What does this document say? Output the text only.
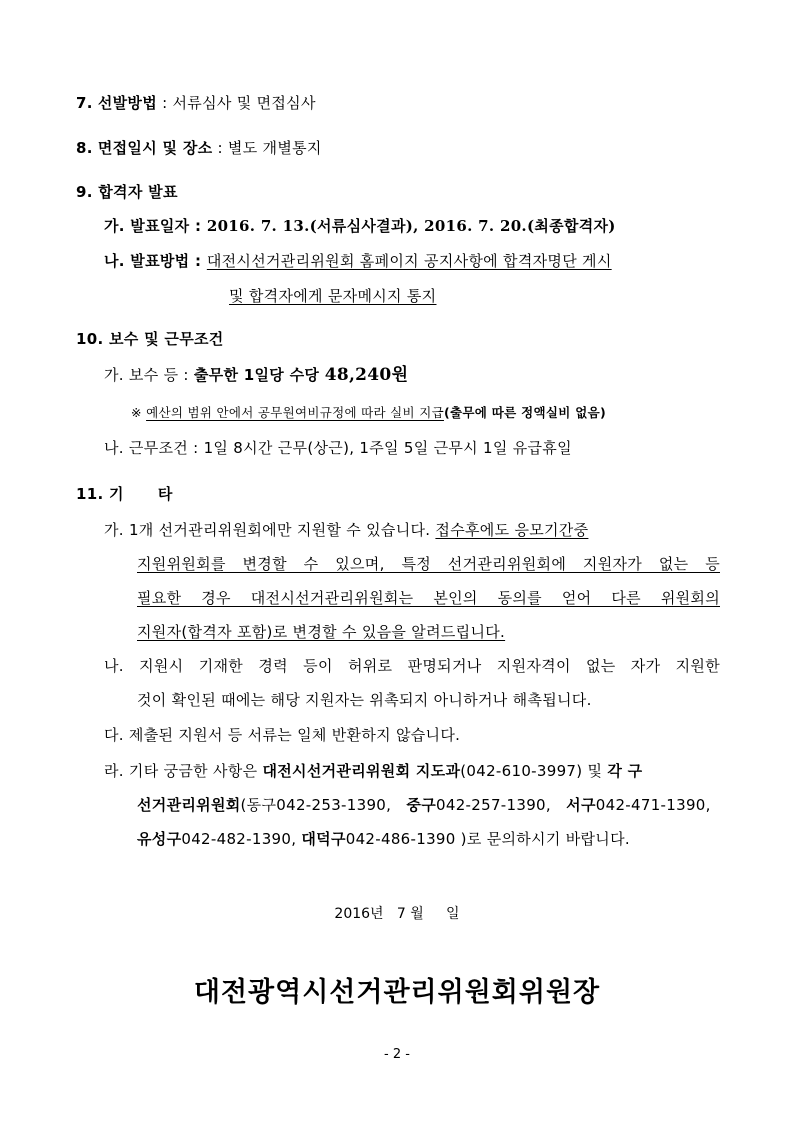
7. 선발방법 : 서류심사 및 면접심사
8. 면접일시 및 장소 : 별도 개별통지
9. 합격자 발표
가. 발표일자 : 2016. 7. 13.(서류심사결과), 2016. 7. 20.(최종합격자)
나. 발표방법 : 대전시선거관리위원회 홈페이지 공지사항에 합격자명단 게시
및 합격자에게 문자메시지 통지
10. 보수 및 근무조건
가. 보수 등 : 출무한 1일당 수당 48,240원
※ 예산의 범위 안에서 공무원여비규정에 따라 실비 지급(출무에 따른 정액실비 없음)
나. 근무조건 : 1일 8시간 근무(상근), 1주일 5일 근무시 1일 유급휴일
11. 기 타
가. 1개 선거관리위원회에만 지원할 수 있습니다. 접수후에도 응모기간중
지원위원회를 변경할 수 있으며, 특정 선거관리위원회에 지원자가 없는 등
필요한 경우 대전시선거관리위원회는 본인의 동의를 얻어 다른 위원회의
지원자(합격자 포함)로 변경할 수 있음을 알려드립니다.
나. 지원시 기재한 경력 등이 허위로 판명되거나 지원자격이 없는 자가 지원한
것이 확인된 때에는 해당 지원자는 위촉되지 아니하거나 해촉됩니다.
다. 제출된 지원서 등 서류는 일체 반환하지 않습니다.
라. 기타 궁금한 사항은 대전시선거관리위원회 지도과(042-610-3997) 및 각 구
선거관리위원회(동구042-253-1390, 중구042-257-1390, 서구042-471-1390,
유성구042-482-1390, 대덕구042-486-1390 )로 문의하시기 바랍니다.
2016년   7 월     일
대전광역시선거관리위원회위원장
- 2 -
